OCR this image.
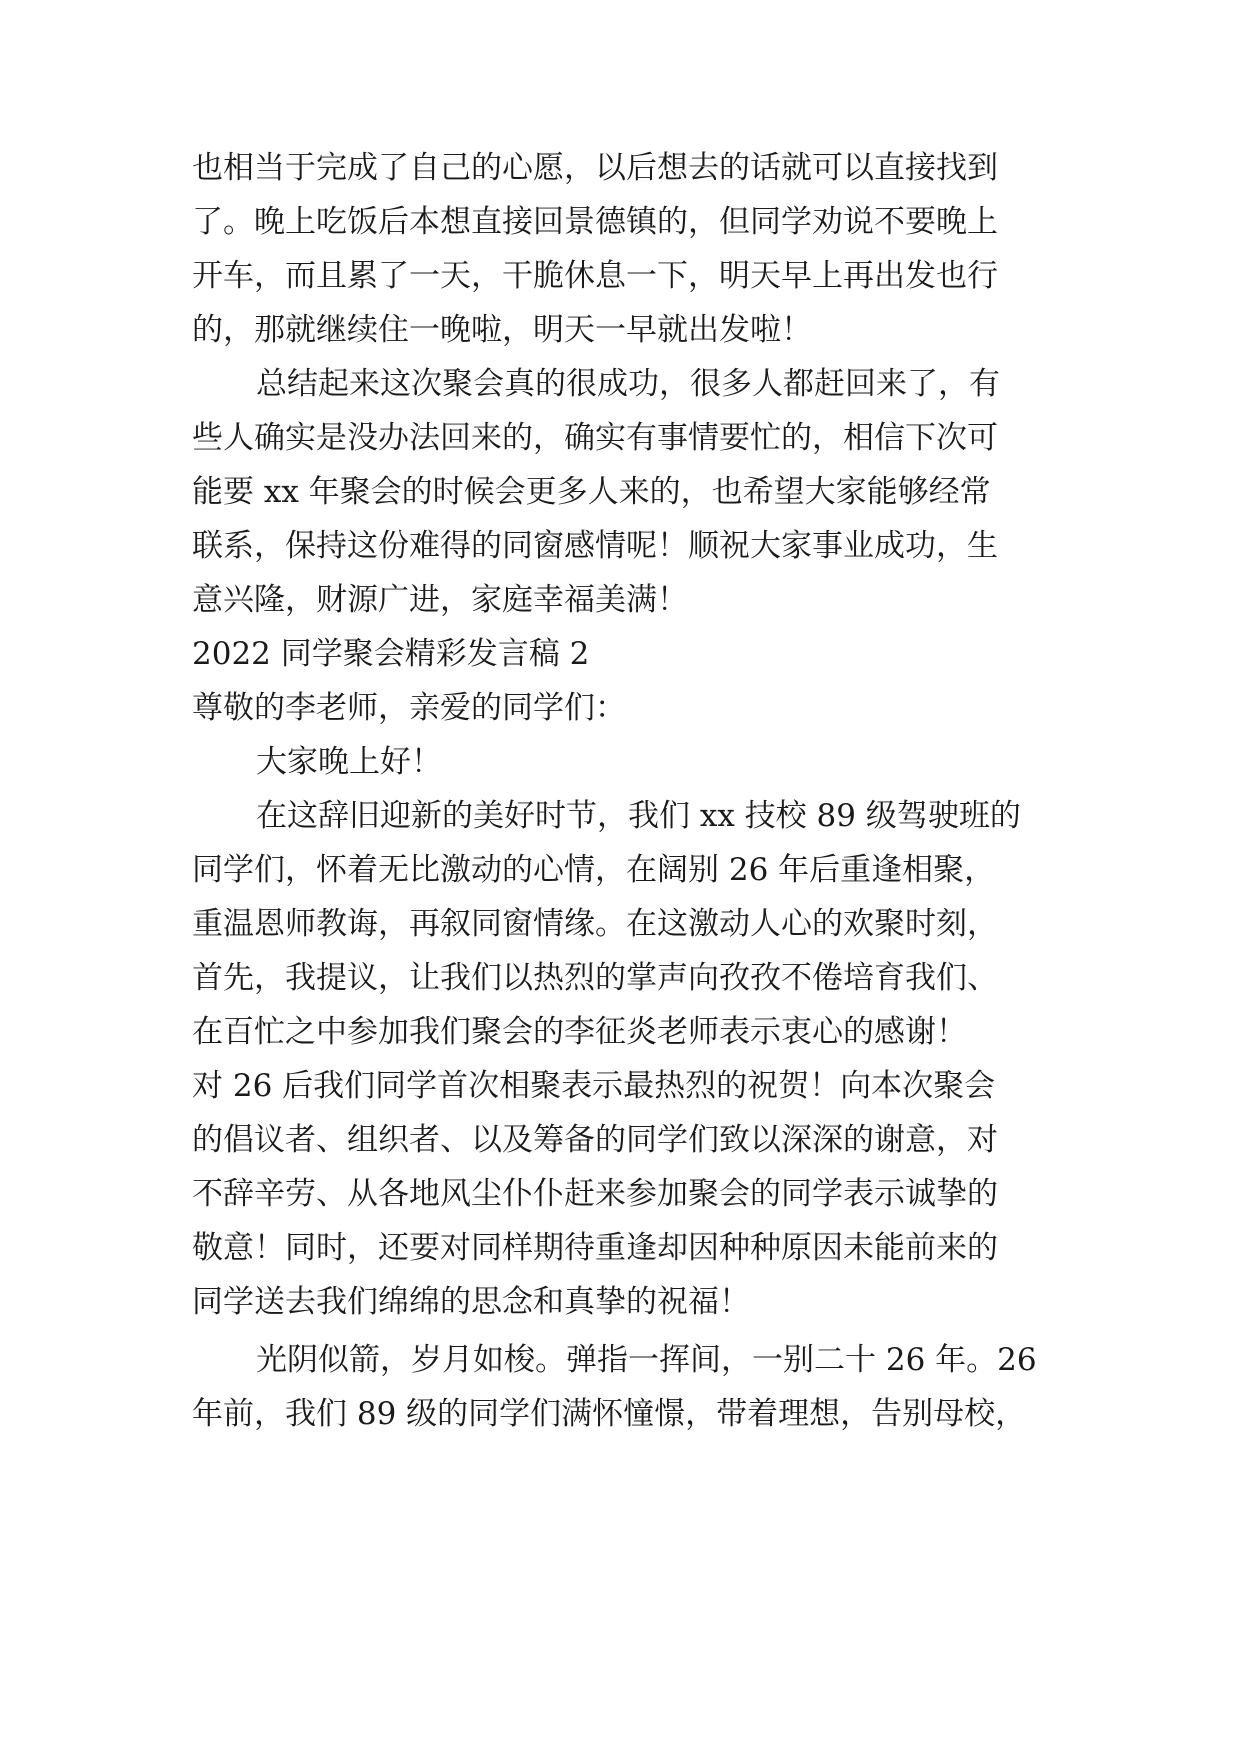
也相当于完成了自己的心愿，以后想去的话就可以直接找到
了。晚上吃饭后本想直接回景德镇的，但同学劝说不要晚上
开车，而且累了一天，干脆休息一下，明天早上再出发也行
的，那就继续住一晚啦，明天一早就出发啦！
总结起来这次聚会真的很成功，很多人都赶回来了，有
些人确实是没办法回来的，确实有事情要忙的，相信下次可
能要 xx 年聚会的时候会更多人来的，也希望大家能够经常
联系，保持这份难得的同窗感情呢！顺祝大家事业成功，生
意兴隆，财源广进，家庭幸福美满！
2022 同学聚会精彩发言稿 2
尊敬的李老师，亲爱的同学们：
大家晚上好！
在这辞旧迎新的美好时节，我们 xx 技校 89 级驾驶班的
同学们，怀着无比激动的心情，在阔别 26 年后重逢相聚，
重温恩师教诲，再叙同窗情缘。在这激动人心的欢聚时刻，
首先，我提议，让我们以热烈的掌声向孜孜不倦培育我们、
在百忙之中参加我们聚会的李征炎老师表示衷心的感谢！
对 26 后我们同学首次相聚表示最热烈的祝贺！向本次聚会
的倡议者、组织者、以及筹备的同学们致以深深的谢意，对
不辞辛劳、从各地风尘仆仆赶来参加聚会的同学表示诚挚的
敬意！同时，还要对同样期待重逢却因种种原因未能前来的
同学送去我们绵绵的思念和真挚的祝福！
光阴似箭，岁月如梭。弹指一挥间，一别二十 26 年。26
年前，我们 89 级的同学们满怀憧憬，带着理想，告别母校，
